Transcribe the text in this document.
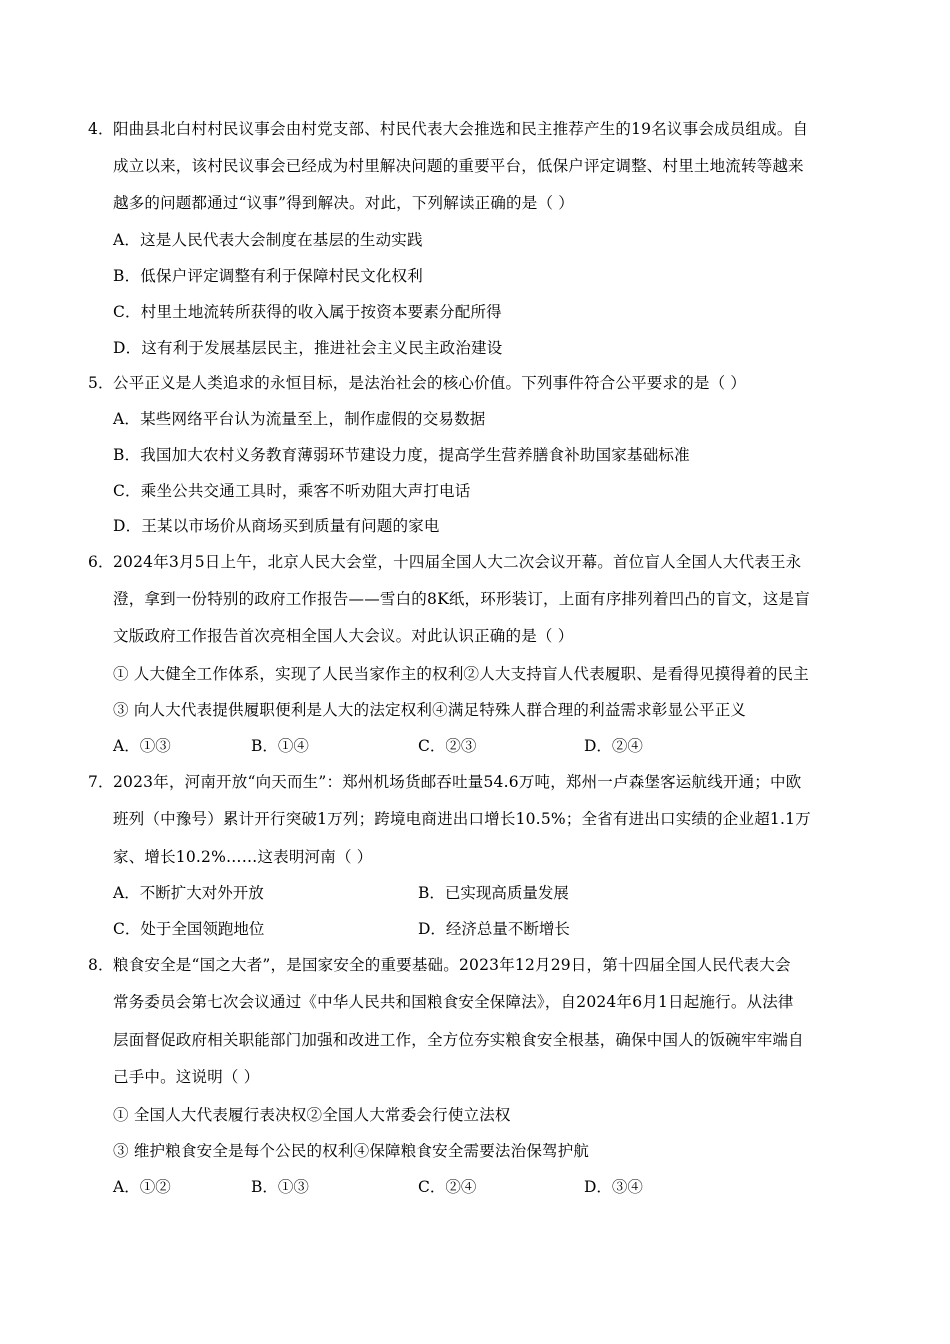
4．阳曲县北白村村民议事会由村党支部、村民代表大会推选和民主推荐产生的19名议事会成员组成。自
成立以来，该村民议事会已经成为村里解决问题的重要平台，低保户评定调整、村里土地流转等越来
越多的问题都通过“议事”得到解决。对此，下列解读正确的是（ ）
A．这是人民代表大会制度在基层的生动实践
B．低保户评定调整有利于保障村民文化权利
C．村里土地流转所获得的收入属于按资本要素分配所得
D．这有利于发展基层民主，推进社会主义民主政治建设
5．公平正义是人类追求的永恒目标，是法治社会的核心价值。下列事件符合公平要求的是（ ）
A．某些网络平台认为流量至上，制作虚假的交易数据
B．我国加大农村义务教育薄弱环节建设力度，提高学生营养膳食补助国家基础标准
C．乘坐公共交通工具时，乘客不听劝阻大声打电话
D．王某以市场价从商场买到质量有问题的家电
6．2024年3月5日上午，北京人民大会堂，十四届全国人大二次会议开幕。首位盲人全国人大代表王永
澄，拿到一份特别的政府工作报告——雪白的8K纸，环形装订，上面有序排列着凹凸的盲文，这是盲
文版政府工作报告首次亮相全国人大会议。对此认识正确的是（ ）
① 人大健全工作体系，实现了人民当家作主的权利②人大支持盲人代表履职、是看得见摸得着的民主
③ 向人大代表提供履职便利是人大的法定权利④满足特殊人群合理的利益需求彰显公平正义
A．①③	B．①④	C．②③	D．②④
7．2023年，河南开放“向天而生”：郑州机场货邮吞吐量54.6万吨，郑州一卢森堡客运航线开通；中欧
班列（中豫号）累计开行突破1万列；跨境电商进出口增长10.5%；全省有进出口实绩的企业超1.1万
家、增长10.2%……这表明河南（ ）
A．不断扩大对外开放	B．已实现高质量发展
C．处于全国领跑地位	D．经济总量不断增长
8．粮食安全是“国之大者”，是国家安全的重要基础。2023年12月29日，第十四届全国人民代表大会
常务委员会第七次会议通过《中华人民共和国粮食安全保障法》，自2024年6月1日起施行。从法律
层面督促政府相关职能部门加强和改进工作，全方位夯实粮食安全根基，确保中国人的饭碗牢牢端自
己手中。这说明（ ）
① 全国人大代表履行表决权②全国人大常委会行使立法权
③ 维护粮食安全是每个公民的权利④保障粮食安全需要法治保驾护航
A．①②	B．①③	C．②④	D．③④
